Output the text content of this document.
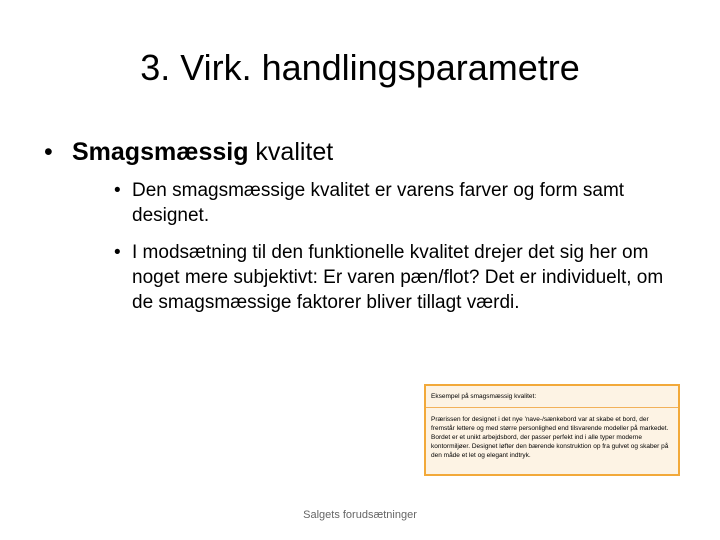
3. Virk. handlingsparametre
• Smagsmæssig kvalitet
• Den smagsmæssige kvalitet er varens farver og form samt designet.
• I modsætning til den funktionelle kvalitet drejer det sig her om noget mere subjektivt: Er varen pæn/flot? Det er individuelt, om de smagsmæssige faktorer bliver tillagt værdi.
Eksempel på smagsmæssig kvalitet:
Prærissen for designet i det nye 'nave-/sænkebord var at skabe et bord, der fremstår lettere og med større personlighed end tilsvarende modeller på markedet. Bordet er et unikt arbejdsbord, der passer perfekt ind i alle typer moderne kontormiljøer. Designet løfter den bærende konstruktion op fra gulvet og skaber på den måde et let og elegant indtryk.
Salgets forudsætninger
